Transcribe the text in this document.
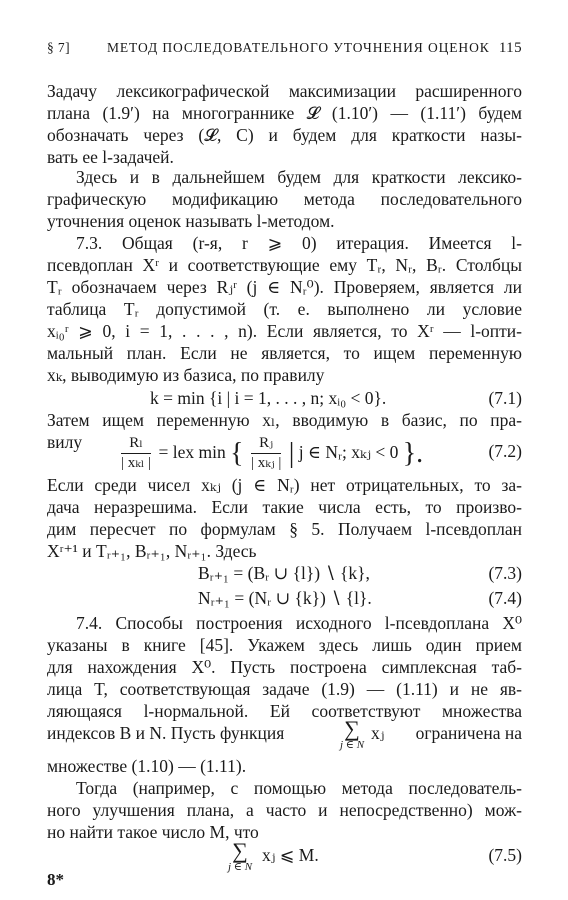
§ 7]	МЕТОД ПОСЛЕДОВАТЕЛЬНОГО УТОЧНЕНИЯ ОЦЕНОК 115
Задачу лексикографической максимизации расширенного
плана (1.9′) на многограннике 𝓛 (1.10′) — (1.11′) будем
обозначать через (𝓛, C) и будем для краткости назы-
вать ее l-задачей.
Здесь и в дальнейшем будем для краткости лексико-
графическую модификацию метода последовательного
уточнения оценок называть l-методом.
7.3. Общая (r-я, r ⩾ 0) итерация. Имеется l-
псевдоплан Xʳ и соответствующие ему Tᵣ, Nᵣ, Bᵣ. Столбцы
Tᵣ обозначаем через Rⱼʳ (j ∈ Nᵣ⁰). Проверяем, является ли
таблица Tᵣ допустимой (т. е. выполнено ли условие
xᵢ₀ʳ ⩾ 0, i = 1, . . . , n). Если является, то Xʳ — l-опти-
мальный план. Если не является, то ищем переменную
xₖ, выводимую из базиса, по правилу
k = min {i | i = 1, . . . , n; xᵢ₀ < 0}.	(7.1)
Затем ищем переменную xₗ, вводимую в базис, по пра-
вилу	$\frac{\text{Rₗ}}{\text{| xₖₗ |}}$ = lex min { $\frac{\text{Rⱼ}}{\text{| xₖⱼ |}}$ | j ∈ Nᵣ; xₖⱼ < 0 }.	(7.2)
Если среди чисел xₖⱼ (j ∈ Nᵣ) нет отрицательных, то за-
дача неразрешима. Если такие числа есть, то произво-
дим пересчет по формулам § 5. Получаем l-псевдоплан
Xʳ⁺¹ и Tᵣ₊₁, Bᵣ₊₁, Nᵣ₊₁. Здесь
Bᵣ₊₁ = (Bᵣ ∪ {l}) ∖ {k},	(7.3)
Nᵣ₊₁ = (Nᵣ ∪ {k}) ∖ {l}.	(7.4)
7.4. Способы построения исходного l-псевдоплана X⁰
указаны в книге [45]. Укажем здесь лишь один прием
для нахождения X⁰. Пусть построена симплексная таб-
лица T, соответствующая задаче (1.9) — (1.11) и не яв-
ляющаяся l-нормальной. Ей соответствуют множества
индексов B и N. Пусть функция	∑
j ∈ N
xⱼ ограничена на
множестве (1.10) — (1.11).
Тогда (например, с помощью метода последователь-
ного улучшения плана, а часто и непосредственно) мож-
но найти такое число M, что
∑
j ∈ N
xⱼ ⩽ M.	(7.5)
8*
